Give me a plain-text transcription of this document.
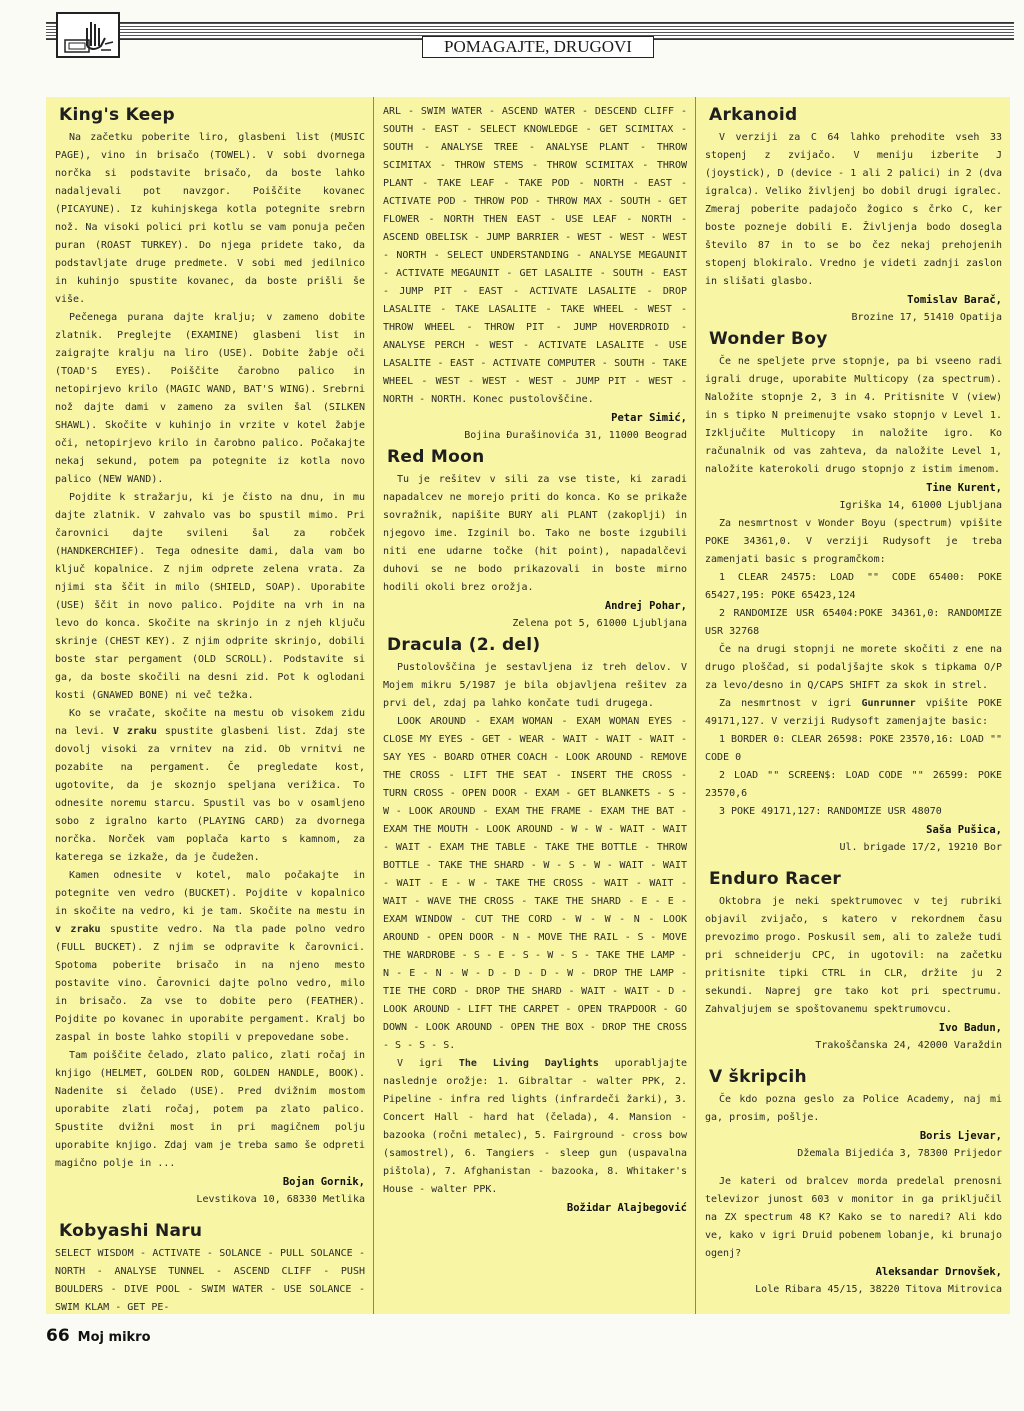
POMAGAJTE, DRUGOVI
King's Keep

Na začetku poberite liro, glasbeni list (MUSIC PAGE), vino in brisačo (TOWEL). V sobi dvornega norčka si podstavite brisačo, da boste lahko nadaljevali pot navzgor. Poiščite kovanec (PICAYUNE). Iz kuhinjskega kotla potegnite srebrn nož. Na visoki polici pri kotlu se vam ponuja pečen puran (ROAST TURKEY). Do njega pridete tako, da podstavljate druge predmete. V sobi med jedilnico in kuhinjo spustite kovanec, da boste prišli še više.

Pečenega purana dajte kralju; v zameno dobite zlatnik. Preglejte (EXAMINE) glasbeni list in zaigrajte kralju na liro (USE). Dobite žabje oči (TOAD'S EYES). Poiščite čarobno palico in netopirjevo krilo (MAGIC WAND, BAT'S WING). Srebrni nož dajte dami v zameno za svilen šal (SILKEN SHAWL). Skočite v kuhinjo in vrzite v kotel žabje oči, netopirjevo krilo in čarobno palico. Počakajte nekaj sekund, potem pa potegnite iz kotla novo palico (NEW WAND).

Pojdite k stražarju, ki je čisto na dnu, in mu dajte zlatnik. V zahvalo vas bo spustil mimo. Pri čarovnici dajte svileni šal za robček (HANDKERCHIEF). Tega odnesite dami, dala vam bo ključ kopalnice. Z njim odprete zelena vrata. Za njimi sta ščit in milo (SHIELD, SOAP). Uporabite (USE) ščit in novo palico. Pojdite na vrh in na levo do konca. Skočite na skrinjo in z njeh ključu skrinje (CHEST KEY). Z njim odprite skrinjo, dobili boste star pergament (OLD SCROLL). Podstavite si ga, da boste skočili na desni zid. Pot k oglodani kosti (GNAWED BONE) ni več težka.

Ko se vračate, skočite na mestu ob visokem zidu na levi. V zraku spustite glasbeni list. Zdaj ste dovolj visoki za vrnitev na zid. Ob vrnitvi ne pozabite na pergament. Če pregledate kost, ugotovite, da je skoznjo speljana verižica. To odnesite noremu starcu. Spustil vas bo v osamljeno sobo z igralno karto (PLAYING CARD) za dvornega norčka. Norček vam poplača karto s kamnom, za katerega se izkaže, da je čudežen.

Kamen odnesite v kotel, malo počakajte in potegnite ven vedro (BUCKET). Pojdite v kopalnico in skočite na vedro, ki je tam. Skočite na mestu in v zraku spustite vedro. Na tla pade polno vedro (FULL BUCKET). Z njim se odpravite k čarovnici. Spotoma poberite brisačo in na njeno mesto postavite vino. Čarovnici dajte polno vedro, milo in brisačo. Za vse to dobite pero (FEATHER). Pojdite po kovanec in uporabite pergament. Kralj bo zaspal in boste lahko stopili v prepovedane sobe.

Tam poiščite čelado, zlato palico, zlati ročaj in knjigo (HELMET, GOLDEN ROD, GOLDEN HANDLE, BOOK). Nadenite si čelado (USE). Pred dvižnim mostom uporabite zlati ročaj, potem pa zlato palico. Spustite dvižni most in pri magičnem polju uporabite knjigo. Zdaj vam je treba samo še odpreti magično polje in ...

Bojan Gornik,
Levstikova 10, 68330 Metlika
Kobyashi Naru

SELECT WISDOM - ACTIVATE - SOLANCE - PULL SOLANCE - NORTH - ANALYSE TUNNEL - ASCEND CLIFF - PUSH BOULDERS - DIVE POOL - SWIM WATER - USE SOLANCE - SWIM KLAM - GET PE-

ARL - SWIM WATER - ASCEND WATER - DESCEND CLIFF - SOUTH - EAST - SELECT KNOWLEDGE - GET SCIMITAX - SOUTH - ANALYSE TREE - ANALYSE PLANT - THROW SCIMITAX - THROW STEMS - THROW SCIMITAX - THROW PLANT - TAKE LEAF - TAKE POD - NORTH - EAST - ACTIVATE POD - THROW POD - THROW MAX - SOUTH - GET FLOWER - NORTH THEN EAST - USE LEAF - NORTH - ASCEND OBELISK - JUMP BARRIER - WEST - WEST - WEST - NORTH - SELECT UNDERSTANDING - ANALYSE MEGAUNIT - ACTIVATE MEGAUNIT - GET LASALITE - SOUTH - EAST - JUMP PIT - EAST - ACTIVATE LASALITE - DROP LASALITE - TAKE LASALITE - TAKE WHEEL - WEST - THROW WHEEL - THROW PIT - JUMP HOVERDROID - ANALYSE PERCH - WEST - ACTIVATE LASALITE - USE LASALITE - EAST - ACTIVATE COMPUTER - SOUTH - TAKE WHEEL - WEST - WEST - WEST - JUMP PIT - WEST - NORTH - NORTH. Konec pustolovščine.

Petar Simić,
Bojina Đurašinovića 31, 11000 Beograd
Red Moon

Tu je rešitev v sili za vse tiste, ki zaradi napadalcev ne morejo priti do konca. Ko se prikaže sovražnik, napišite BURY ali PLANT (zakoplji) in njegovo ime. Izginil bo. Tako ne boste izgubili niti ene udarne točke (hit point), napadalčevi duhovi se ne bodo prikazovali in boste mirno hodili okoli brez orožja.

Andrej Pohar,
Zelena pot 5, 61000 Ljubljana
Dracula (2. del)

Pustolovščina je sestavljena iz treh delov. V Mojem mikru 5/1987 je bila objavljena rešitev za prvi del, zdaj pa lahko končate tudi drugega.

LOOK AROUND - EXAM WOMAN - EXAM WOMAN EYES - CLOSE MY EYES - GET - WEAR - WAIT - WAIT - WAIT - SAY YES - BOARD OTHER COACH - LOOK AROUND - REMOVE THE CROSS - LIFT THE SEAT - INSERT THE CROSS - TURN CROSS - OPEN DOOR - EXAM - GET BLANKETS - S - W - LOOK AROUND - EXAM THE FRAME - EXAM THE BAT - EXAM THE MOUTH - LOOK AROUND - W - W - WAIT - WAIT - WAIT - EXAM THE TABLE - TAKE THE BOTTLE - THROW BOTTLE - TAKE THE SHARD - W - S - W - WAIT - WAIT - WAIT - E - W - TAKE THE CROSS - WAIT - WAIT - WAIT - WAVE THE CROSS - TAKE THE SHARD - E - E - EXAM WINDOW - CUT THE CORD - W - W - N - LOOK AROUND - OPEN DOOR - N - MOVE THE RAIL - S - MOVE THE WARDROBE - S - E - S - W - S - TAKE THE LAMP - N - E - N - W - D - D - D - W - DROP THE LAMP - TIE THE CORD - DROP THE SHARD - WAIT - WAIT - D - LOOK AROUND - LIFT THE CARPET - OPEN TRAPDOOR - GO DOWN - LOOK AROUND - OPEN THE BOX - DROP THE CROSS - S - S - S.

V igri The Living Daylights uporabljajte naslednje orožje: 1. Gibraltar - walter PPK, 2. Pipeline - infra red lights (infrardeči žarki), 3. Concert Hall - hard hat (čelada), 4. Mansion - bazooka (ročni metalec), 5. Fairground - cross bow (samostrel), 6. Tangiers - sleep gun (uspavalna pištola), 7. Afghanistan - bazooka, 8. Whitaker's House - walter PPK.

Božidar Alajbegović
Arkanoid

V verziji za C 64 lahko prehodite vseh 33 stopenj z zvijačo. V meniju izberite J (joystick), D (device - 1 ali 2 palici) in 2 (dva igralca). Veliko življenj bo dobil drugi igralec. Zmeraj poberite padajočo žogico s črko C, ker boste pozneje dobili E. Življenja bodo dosegla število 87 in to se bo čez nekaj prehojenih stopenj blokiralo. Vredno je videti zadnji zaslon in slišati glasbo.

Tomislav Barač,
Brozine 17, 51410 Opatija
Wonder Boy

Če ne speljete prve stopnje, pa bi vseeno radi igrali druge, uporabite Multicopy (za spectrum). Naložite stopnje 2, 3 in 4. Pritisnite V (view) in s tipko N preimenujte vsako stopnjo v Level 1. Izključite Multicopy in naložite igro. Ko računalnik od vas zahteva, da naložite Level 1, naložite katerokoli drugo stopnjo z istim imenom.

Tine Kurent,
Igriška 14, 61000 Ljubljana

Za nesmrtnost v Wonder Boyu (spectrum) vpišite POKE 34361,0. V verziji Rudysoft je treba zamenjati basic s programčkom:

1 CLEAR 24575: LOAD "" CODE 65400: POKE 65427,195: POKE 65423,124

2 RANDOMIZE USR 65404:POKE 34361,0: RANDOMIZE USR 32768

Če na drugi stopnji ne morete skočiti z ene na drugo ploščad, si podaljšajte skok s tipkama O/P za levo/desno in Q/CAPS SHIFT za skok in strel.

Za nesmrtnost v igri Gunrunner vpišite POKE 49171,127. V verziji Rudysoft zamenjajte basic:

1 BORDER 0: CLEAR 26598: POKE 23570,16: LOAD "" CODE 0

2 LOAD "" SCREEN$: LOAD CODE "" 26599: POKE 23570,6

3 POKE 49171,127: RANDOMIZE USR 48070

Saša Pušica,
Ul. brigade 17/2, 19210 Bor
Enduro Racer

Oktobra je neki spektrumovec v tej rubriki objavil zvijačo, s katero v rekordnem času prevozimo progo. Poskusil sem, ali to zaleže tudi pri schneiderju CPC, in ugotovil: na začetku pritisnite tipki CTRL in CLR, držite ju 2 sekundi. Naprej gre tako kot pri spectrumu. Zahvaljujem se spoštovanemu spektrumovcu.

Ivo Badun,
Trakoščanska 24, 42000 Varaždin
V škripcih

Če kdo pozna geslo za Police Academy, naj mi ga, prosim, pošlje.

Boris Ljevar,
Džemala Bijedića 3, 78300 Prijedor

Je kateri od bralcev morda predelal prenosni televizor junost 603 v monitor in ga priključil na ZX spectrum 48 K? Kako se to naredi? Ali kdo ve, kako v igri Druid pobenem lobanje, ki brunajo ogenj?

Aleksandar Drnovšek,
Lole Ribara 45/15, 38220 Titova Mitrovica
66 Moj mikro
